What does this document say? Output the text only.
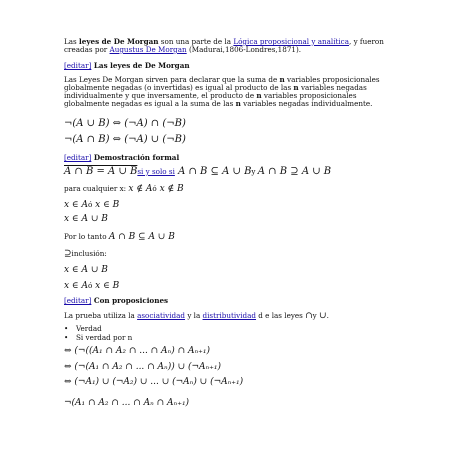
Las leyes de De Morgan son una parte de la Lógica proposicional y analítica, y fueron
creadas por Augustus De Morgan (Madurai,1806-Londres,1871).
[editar] Las leyes de De Morgan
Las Leyes De Morgan sirven para declarar que la suma de n variables proposicionales
globalmente negadas (o invertidas) es igual al producto de las n variables negadas
individualmente y que inversamente, el producto de n variables proposicionales
globalmente negadas es igual a la suma de las n variables negadas individualmente.
¬(A ∪ B) ⇔ (¬A) ∩ (¬B)
¬(A ∩ B) ⇔ (¬A) ∪ (¬B)
[editar] Demostración formal
A ∩ B = A ∪ Bsi y solo si A ∩ B ⊆ A ∪ By A ∩ B ⊇ A ∪ B
para cualquier x: x ∉ Aó x ∉ B
x ∈ Aó x ∈ B
x ∈ A ∪ B
Por lo tanto A ∩ B ⊆ A ∪ B
⊇inclusión:
x ∈ A ∪ B
x ∈ Aó x ∈ B
[editar] Con proposiciones
La prueba utiliza la asociatividad y la distributividad d e las leyes ∩y ∪.
• Verdad
• Si verdad por n
⇔ (¬((A₁ ∩ A₂ ∩ ... ∩ Aₙ) ∩ Aₙ₊₁)
⇔ (¬(A₁ ∩ A₂ ∩ ... ∩ Aₙ)) ∪ (¬Aₙ₊₁)
⇔ (¬A₁) ∪ (¬A₂) ∪ ... ∪ (¬Aₙ) ∪ (¬Aₙ₊₁)
¬(A₁ ∩ A₂ ∩ ... ∩ Aₙ ∩ Aₙ₊₁)
